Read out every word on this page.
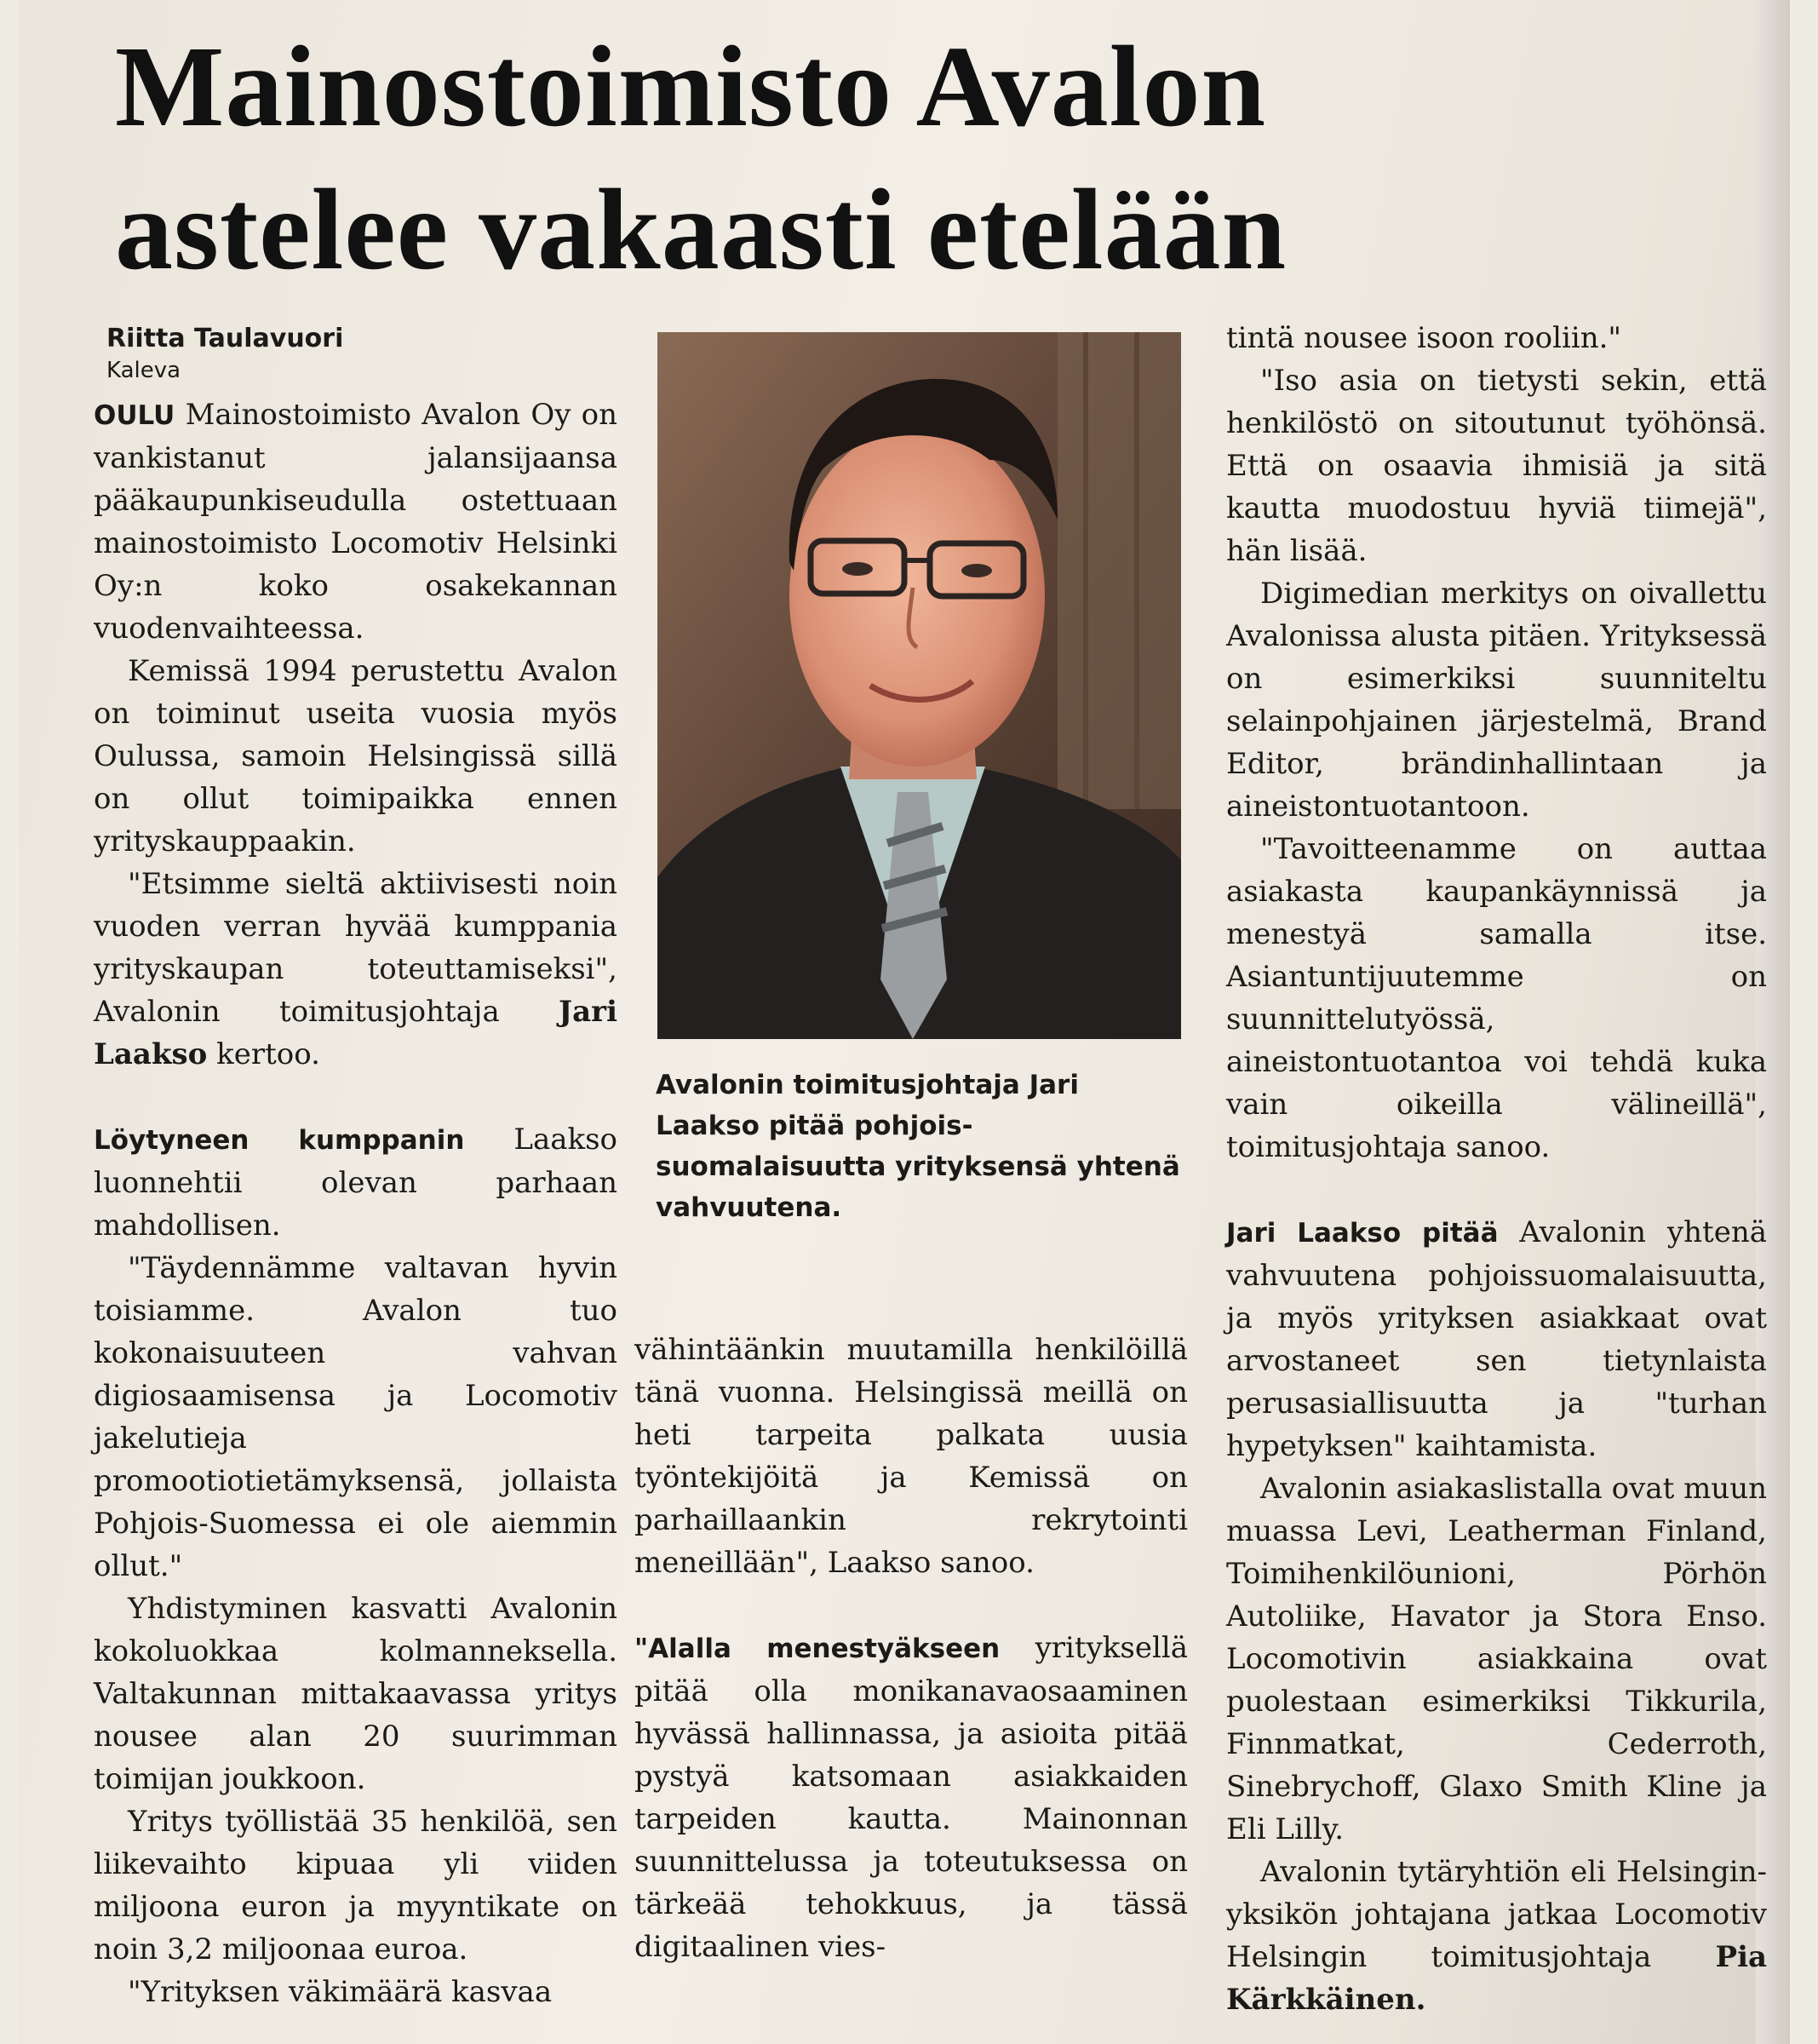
Mainostoimisto Avalon
astelee vakaasti etelään
Riitta Taulavuori
Kaleva

OULU Mainostoimisto Avalon Oy on vankistanut jalansijaansa pääkaupunkiseudulla ostettuaan mainostoimisto Locomotiv Helsinki Oy:n koko osakekannan vuodenvaihteessa.

Kemissä 1994 perustettu Avalon on toiminut useita vuosia myös Oulussa, samoin Helsingissä sillä on ollut toimipaikka ennen yrityskauppaakin.

"Etsimme sieltä aktiivisesti noin vuoden verran hyvää kumppania yrityskaupan toteuttamiseksi", Avalonin toimitusjohtaja Jari Laakso kertoo.

Löytyneen kumppanin Laakso luonnehtii olevan parhaan mahdollisen.

"Täydennämme valtavan hyvin toisiamme. Avalon tuo kokonaisuuteen vahvan digiosaamisensa ja Locomotiv jakelutieja promootiotietämyksensä, jollaista Pohjois-Suomessa ei ole aiemmin ollut."

Yhdistyminen kasvatti Avalonin kokoluokkaa kolmanneksella. Valtakunnan mittakaavassa yritys nousee alan 20 suurimman toimijan joukkoon.

Yritys työllistää 35 henkilöä, sen liikevaihto kipuaa yli viiden miljoona euron ja myyntikate on noin 3,2 miljoonaa euroa.

"Yrityksen väkimäärä kasvaa

Avalonin toimitusjohtaja Jari Laakso pitää pohjois-suomalaisuutta yrityksensä yhtenä vahvuutena.

vähintäänkin muutamilla henkilöillä tänä vuonna. Helsingissä meillä on heti tarpeita palkata uusia työntekijöitä ja Kemissä on parhaillaankin rekrytointi meneillään", Laakso sanoo.

"Alalla menestyäkseen yrityksellä pitää olla monikanavaosaaminen hyvässä hallinnassa, ja asioita pitää pystyä katsomaan asiakkaiden tarpeiden kautta. Mainonnan suunnittelussa ja toteutuksessa on tärkeää tehokkuus, ja tässä digitaalinen vies-

tintä nousee isoon rooliin."

"Iso asia on tietysti sekin, että henkilöstö on sitoutunut työhönsä. Että on osaavia ihmisiä ja sitä kautta muodostuu hyviä tiimejä", hän lisää.

Digimedian merkitys on oivallettu Avalonissa alusta pitäen. Yrityksessä on esimerkiksi suunniteltu selainpohjainen järjestelmä, Brand Editor, brändinhallintaan ja aineistontuotantoon.

"Tavoitteenamme on auttaa asiakasta kaupankäynnissä ja menestyä samalla itse. Asiantuntijuutemme on suunnittelutyössä, aineistontuotantoa voi tehdä kuka vain oikeilla välineillä", toimitusjohtaja sanoo.

Jari Laakso pitää Avalonin yhtenä vahvuutena pohjoissuomalaisuutta, ja myös yrityksen asiakkaat ovat arvostaneet sen tietynlaista perusasiallisuutta ja "turhan hypetyksen" kaihtamista.

Avalonin asiakaslistalla ovat muun muassa Levi, Leatherman Finland, Toimihenkilöunioni, Pörhön Autoliike, Havator ja Stora Enso. Locomotivin asiakkaina ovat puolestaan esimerkiksi Tikkurila, Finnmatkat, Cederroth, Sinebrychoff, Glaxo Smith Kline ja Eli Lilly.

Avalonin tytäryhtiön eli Helsingin-yksikön johtajana jatkaa Locomotiv Helsingin toimitusjohtaja Pia Kärkkäinen.
